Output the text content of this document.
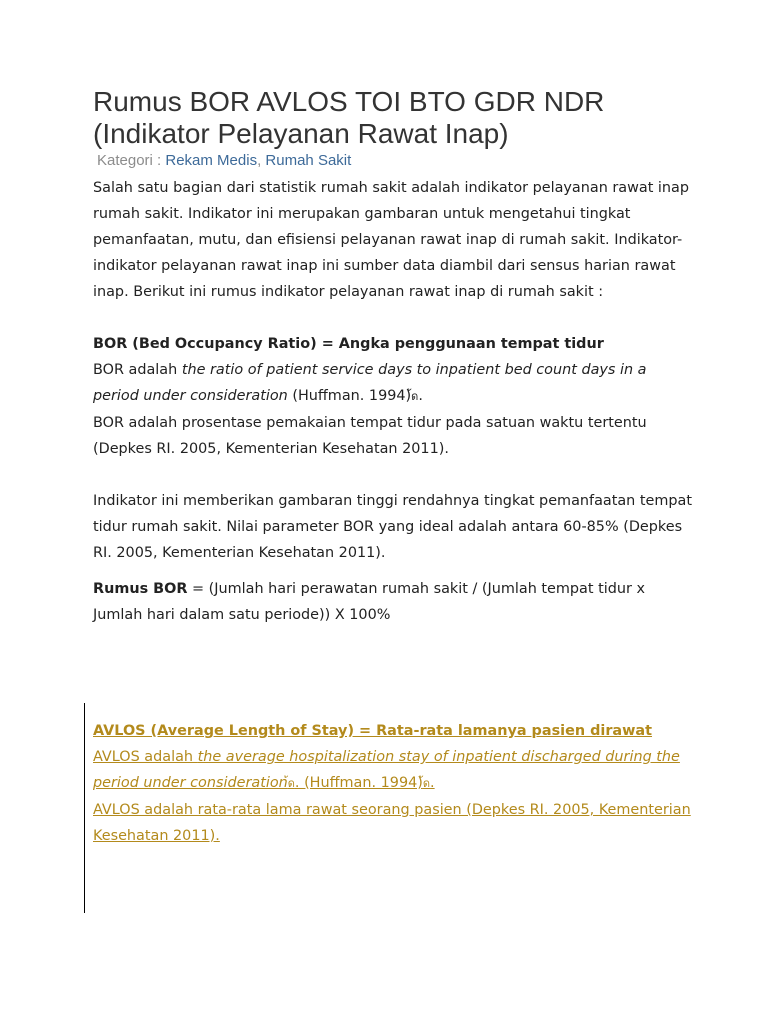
Rumus BOR AVLOS TOI BTO GDR NDR
(Indikator Pelayanan Rawat Inap)

Kategori : Rekam Medis, Rumah Sakit

Salah satu bagian dari statistik rumah sakit adalah indikator pelayanan rawat inap rumah sakit. Indikator ini merupakan gambaran untuk mengetahui tingkat pemanfaatan, mutu, dan efisiensi pelayanan rawat inap di rumah sakit. Indikator-indikator pelayanan rawat inap ini sumber data diambil dari sensus harian rawat inap. Berikut ini rumus indikator pelayanan rawat inap di rumah sakit :

BOR (Bed Occupancy Ratio) = Angka penggunaan tempat tidur

BOR adalah the ratio of patient service days to inpatient bed count days in a period under consideration (Huffman. 1994)้ด.

BOR adalah prosentase pemakaian tempat tidur pada satuan waktu tertentu (Depkes RI. 2005, Kementerian Kesehatan 2011).

Indikator ini memberikan gambaran tinggi rendahnya tingkat pemanfaatan tempat tidur rumah sakit. Nilai parameter BOR yang ideal adalah antara 60-85% (Depkes RI. 2005, Kementerian Kesehatan 2011).

Rumus BOR = (Jumlah hari perawatan rumah sakit / (Jumlah tempat tidur x Jumlah hari dalam satu periode)) X 100%

AVLOS (Average Length of Stay) = Rata-rata lamanya pasien dirawat

AVLOS adalah the average hospitalization stay of inpatient discharged during the period under consideration้ด. (Huffman. 1994)้ด.

AVLOS adalah rata-rata lama rawat seorang pasien (Depkes RI. 2005, Kementerian Kesehatan 2011).
